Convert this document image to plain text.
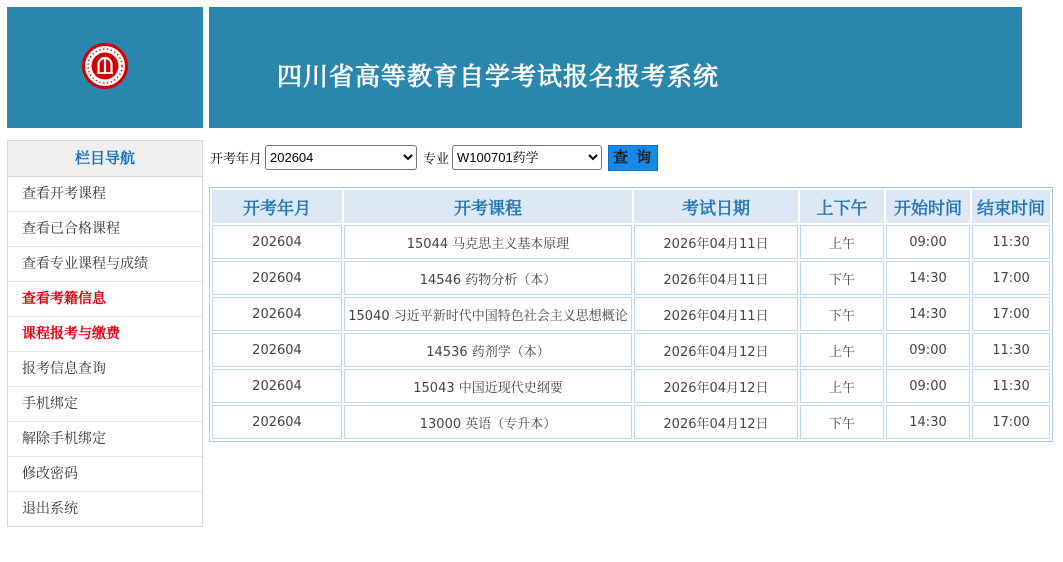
四川省高等教育自学考试报名报考系统
栏目导航
查看开考课程
查看已合格课程
查看专业课程与成绩
查看考籍信息
课程报考与缴费
报考信息查询
手机绑定
解除手机绑定
修改密码
退出系统
开考年月
202604	专业
W100701药学	查 询
开考年月	开考课程	考试日期	上下午	开始时间	结束时间
202604	15044 马克思主义基本原理	2026年04月11日	上午	09:00	11:30
202604	14546 药物分析（本）	2026年04月11日	下午	14:30	17:00
202604	15040 习近平新时代中国特色社会主义思想概论	2026年04月11日	下午	14:30	17:00
202604	14536 药剂学（本）	2026年04月12日	上午	09:00	11:30
202604	15043 中国近现代史纲要	2026年04月12日	上午	09:00	11:30
202604	13000 英语（专升本）	2026年04月12日	下午	14:30	17:00
